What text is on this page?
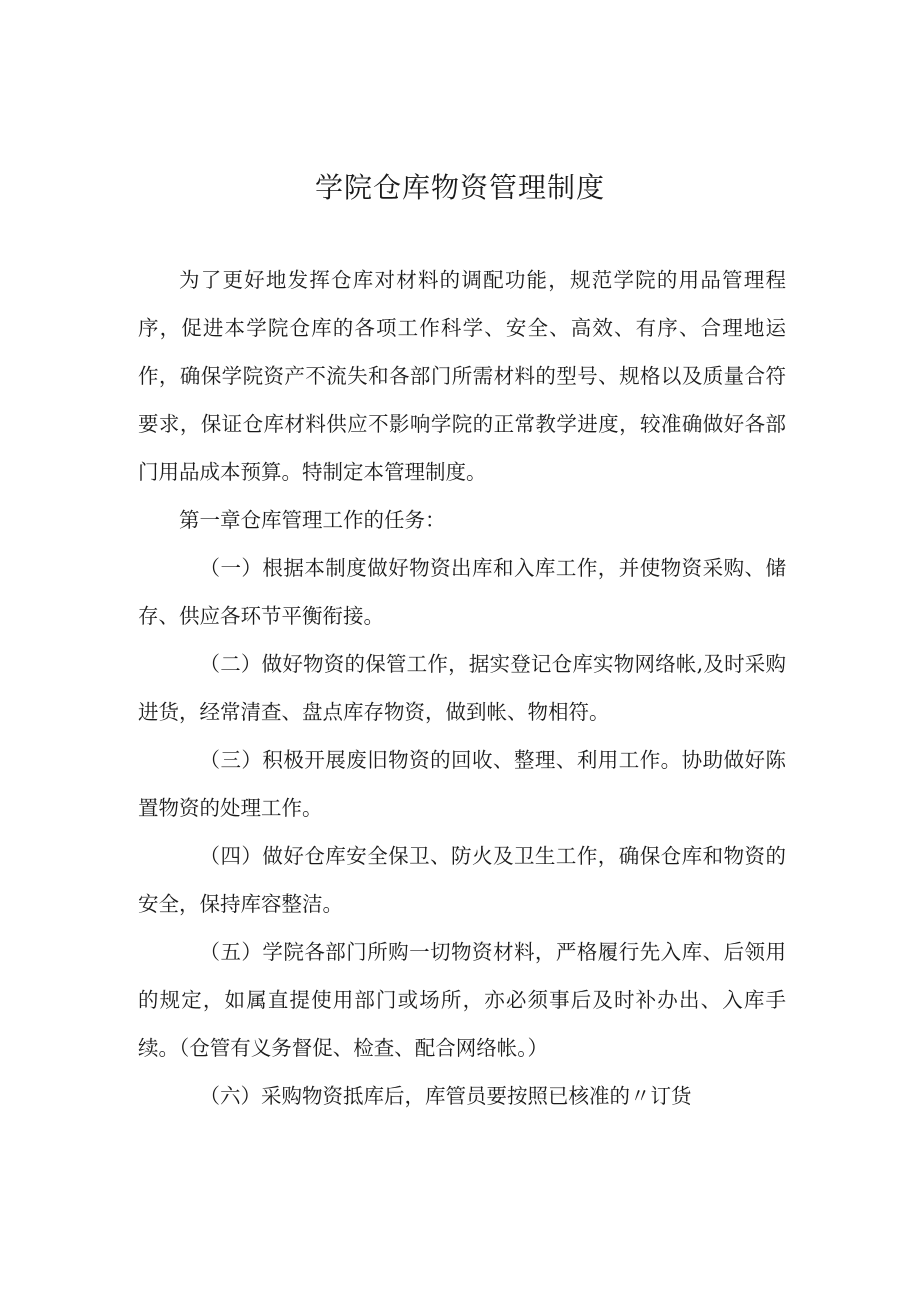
学院仓库物资管理制度

为了更好地发挥仓库对材料的调配功能，规范学院的用品管理程序，促进本学院仓库的各项工作科学、安全、高效、有序、合理地运作，确保学院资产不流失和各部门所需材料的型号、规格以及质量合符要求，保证仓库材料供应不影响学院的正常教学进度，较准确做好各部门用品成本预算。特制定本管理制度。

第一章仓库管理工作的任务：

（一）根据本制度做好物资出库和入库工作，并使物资采购、储存、供应各环节平衡衔接。

（二）做好物资的保管工作，据实登记仓库实物网络帐,及时采购进货，经常清查、盘点库存物资，做到帐、物相符。

（三）积极开展废旧物资的回收、整理、利用工作。协助做好陈置物资的处理工作。

（四）做好仓库安全保卫、防火及卫生工作，确保仓库和物资的安全，保持库容整洁。

（五）学院各部门所购一切物资材料，严格履行先入库、后领用的规定，如属直提使用部门或场所，亦必须事后及时补办出、入库手续。（仓管有义务督促、检查、配合网络帐。）

（六）采购物资抵库后，库管员要按照已核准的〃订货
